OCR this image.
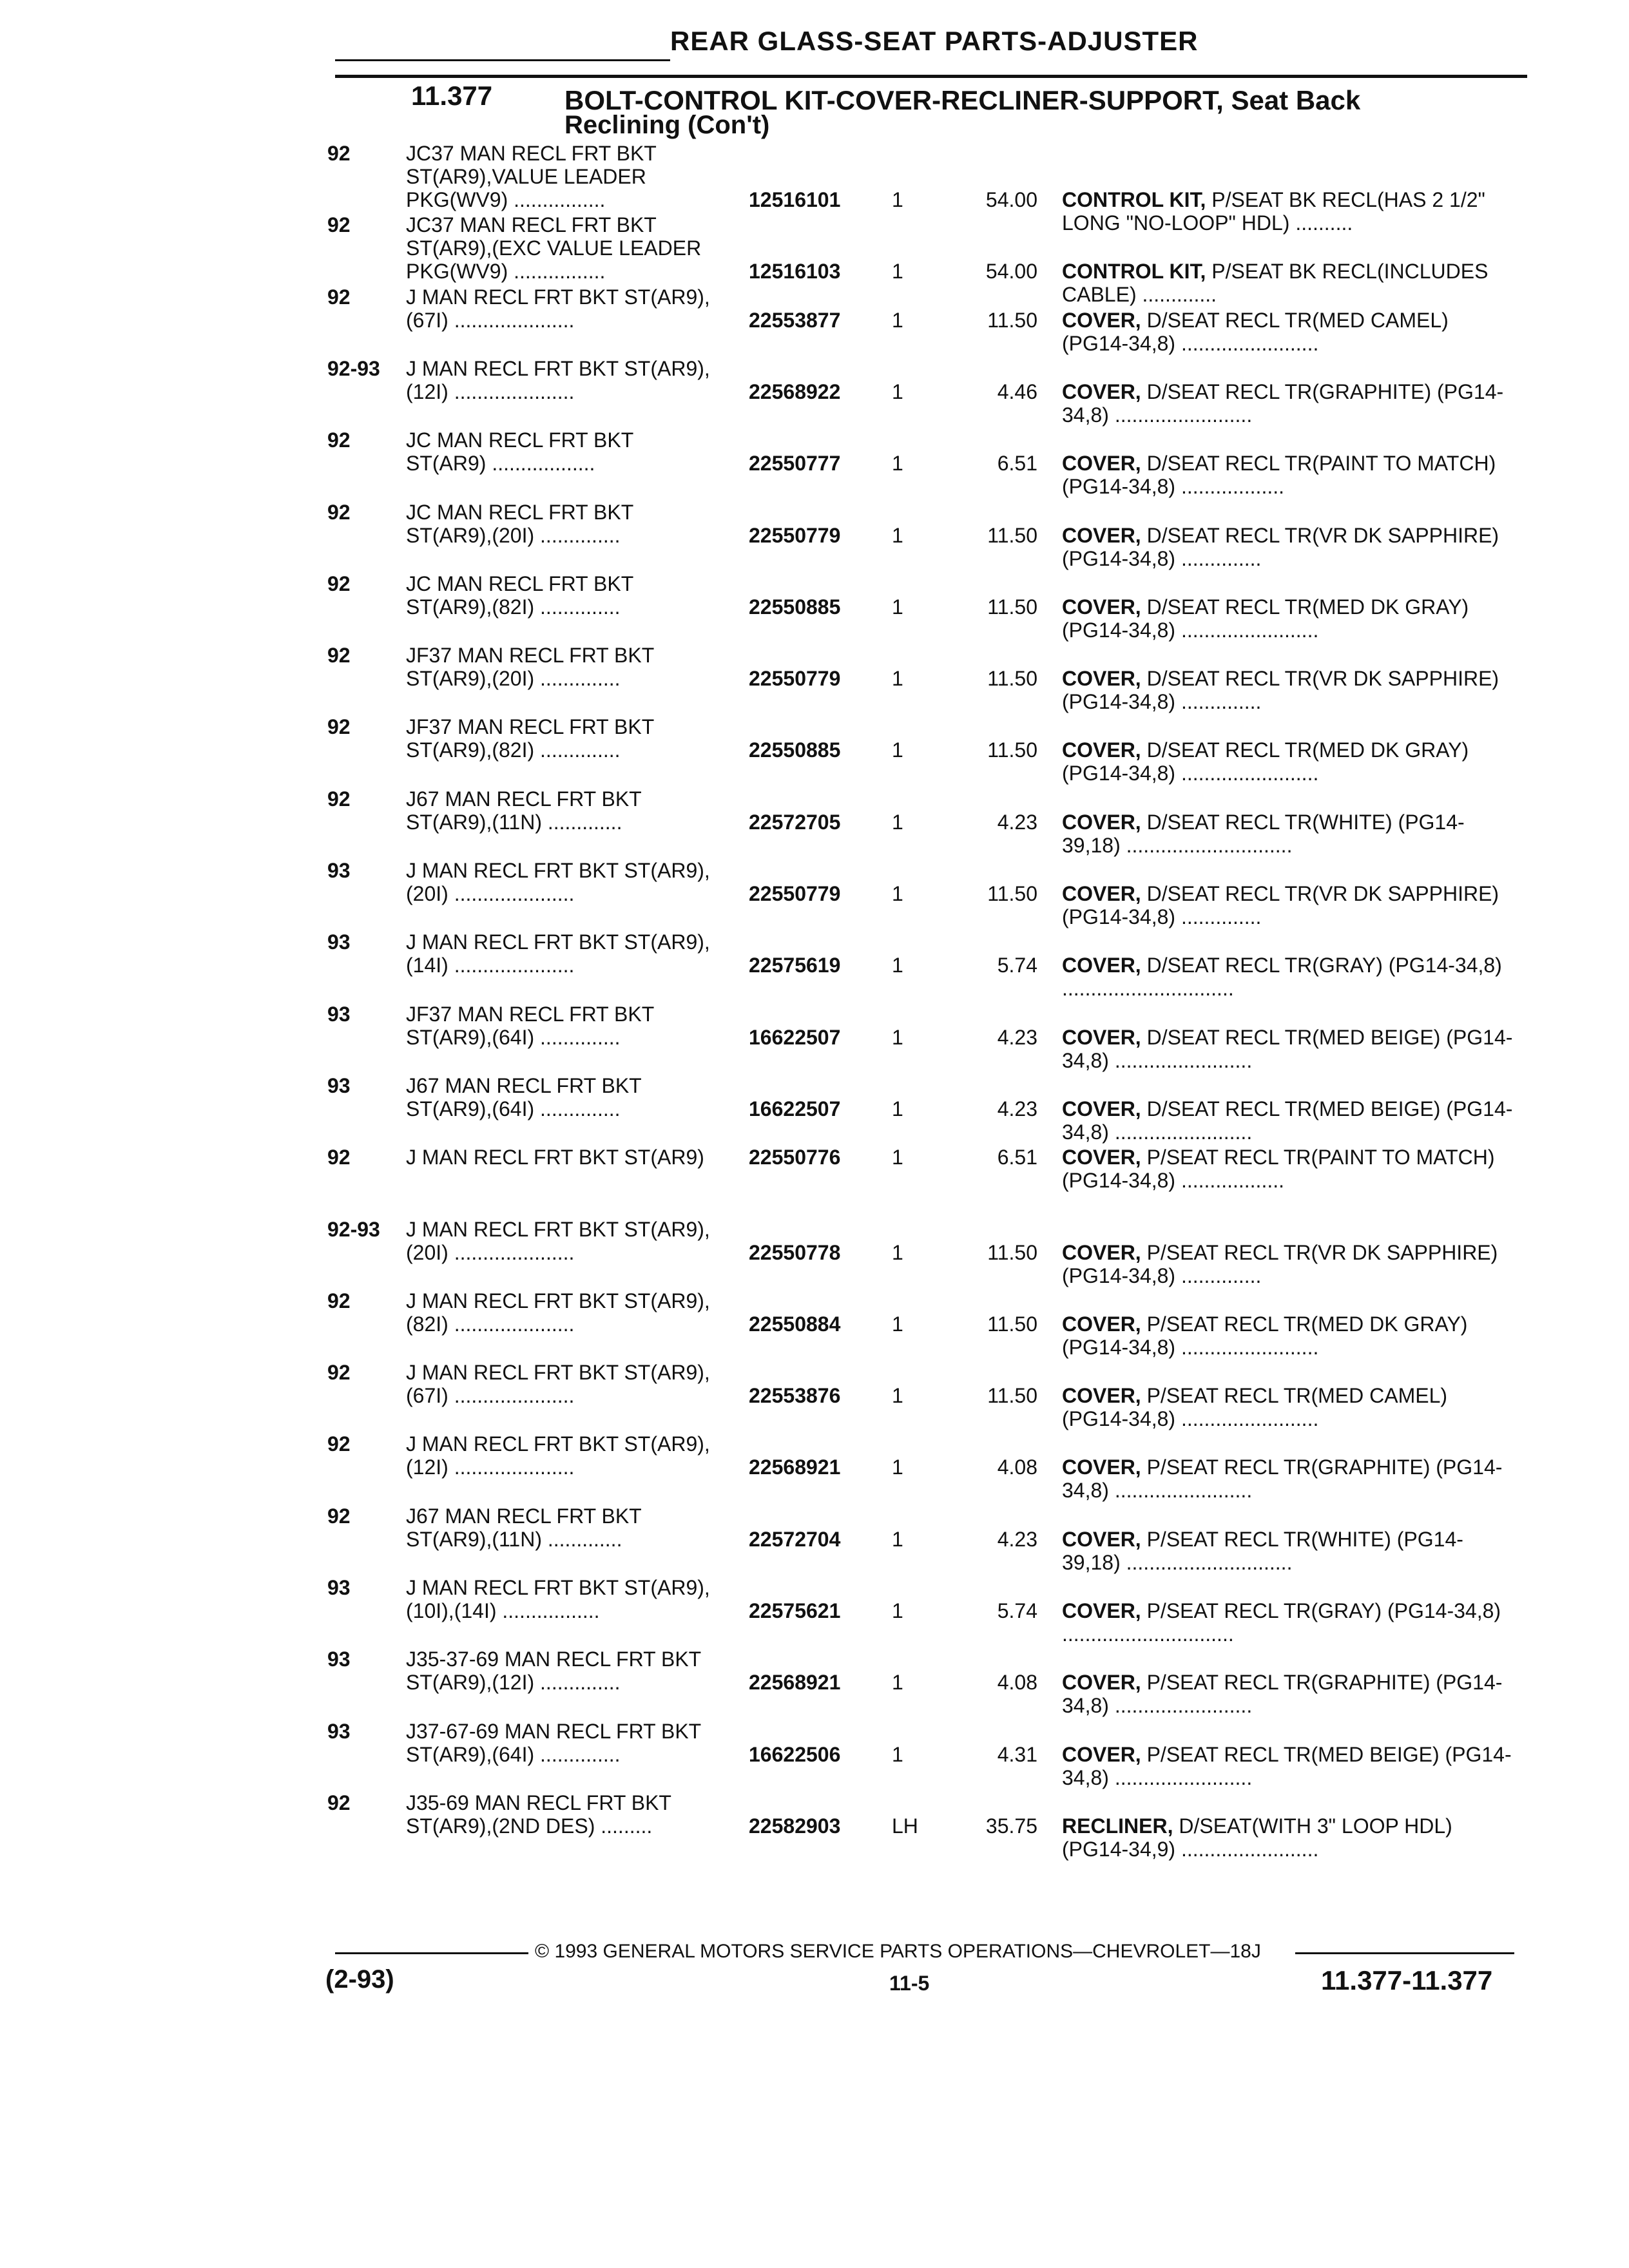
REAR GLASS-SEAT PARTS-ADJUSTER
11.377	BOLT-CONTROL KIT-COVER-RECLINER-SUPPORT, Seat Back
Reclining (Con't)
92	JC37 MAN RECL FRT BKT
ST(AR9),VALUE LEADER
PKG(WV9) ................	12516101 1	54.00 CONTROL KIT, P/SEAT BK RECL(HAS 2 1/2" LONG "NO-LOOP" HDL) ..........
92	JC37 MAN RECL FRT BKT
ST(AR9),(EXC VALUE LEADER
PKG(WV9) ................	12516103 1	54.00 CONTROL KIT, P/SEAT BK RECL(INCLUDES CABLE) .............
92	J MAN RECL FRT BKT ST(AR9),
(67I) .....................	22553877 1	11.50 COVER, D/SEAT RECL TR(MED CAMEL) (PG14-34,8) ........................
92-93 J MAN RECL FRT BKT ST(AR9),
(12I) .....................	22568922 1	4.46 COVER, D/SEAT RECL TR(GRAPHITE) (PG14-34,8) ........................
92	JC MAN RECL FRT BKT
ST(AR9) ..................	22550777 1	6.51 COVER, D/SEAT RECL TR(PAINT TO MATCH) (PG14-34,8) ..................
92	JC MAN RECL FRT BKT
ST(AR9),(20I) ..............	22550779 1	11.50 COVER, D/SEAT RECL TR(VR DK SAPPHIRE) (PG14-34,8) ..............
92	JC MAN RECL FRT BKT
ST(AR9),(82I) ..............	22550885 1	11.50 COVER, D/SEAT RECL TR(MED DK GRAY) (PG14-34,8) ........................
92	JF37 MAN RECL FRT BKT
ST(AR9),(20I) ..............	22550779 1	11.50 COVER, D/SEAT RECL TR(VR DK SAPPHIRE) (PG14-34,8) ..............
92	JF37 MAN RECL FRT BKT
ST(AR9),(82I) ..............	22550885 1	11.50 COVER, D/SEAT RECL TR(MED DK GRAY) (PG14-34,8) ........................
92	J67 MAN RECL FRT BKT
ST(AR9),(11N) .............	22572705 1	4.23 COVER, D/SEAT RECL TR(WHITE) (PG14-39,18) .............................
93	J MAN RECL FRT BKT ST(AR9),
(20I) .....................	22550779 1	11.50 COVER, D/SEAT RECL TR(VR DK SAPPHIRE) (PG14-34,8) ..............
93	J MAN RECL FRT BKT ST(AR9),
(14I) .....................	22575619 1	5.74 COVER, D/SEAT RECL TR(GRAY) (PG14-34,8) ..............................
93	JF37 MAN RECL FRT BKT
ST(AR9),(64I) ..............	16622507 1	4.23 COVER, D/SEAT RECL TR(MED BEIGE) (PG14-34,8) ........................
93	J67 MAN RECL FRT BKT
ST(AR9),(64I) ..............	16622507 1	4.23 COVER, D/SEAT RECL TR(MED BEIGE) (PG14-34,8) ........................
92	J MAN RECL FRT BKT ST(AR9)	22550776 1	6.51 COVER, P/SEAT RECL TR(PAINT TO MATCH) (PG14-34,8) ..................
92-93 J MAN RECL FRT BKT ST(AR9),
(20I) .....................	22550778 1	11.50 COVER, P/SEAT RECL TR(VR DK SAPPHIRE) (PG14-34,8) ..............
92	J MAN RECL FRT BKT ST(AR9),
(82I) .....................	22550884 1	11.50 COVER, P/SEAT RECL TR(MED DK GRAY) (PG14-34,8) ........................
92	J MAN RECL FRT BKT ST(AR9),
(67I) .....................	22553876 1	11.50 COVER, P/SEAT RECL TR(MED CAMEL) (PG14-34,8) ........................
92	J MAN RECL FRT BKT ST(AR9),
(12I) .....................	22568921 1	4.08 COVER, P/SEAT RECL TR(GRAPHITE) (PG14-34,8) ........................
92	J67 MAN RECL FRT BKT
ST(AR9),(11N) .............	22572704 1	4.23 COVER, P/SEAT RECL TR(WHITE) (PG14-39,18) .............................
93	J MAN RECL FRT BKT ST(AR9),
(10I),(14I) .................	22575621 1	5.74 COVER, P/SEAT RECL TR(GRAY) (PG14-34,8) ..............................
93	J35-37-69 MAN RECL FRT BKT
ST(AR9),(12I) ..............	22568921 1	4.08 COVER, P/SEAT RECL TR(GRAPHITE) (PG14-34,8) ........................
93	J37-67-69 MAN RECL FRT BKT
ST(AR9),(64I) ..............	16622506 1	4.31 COVER, P/SEAT RECL TR(MED BEIGE) (PG14-34,8) ........................
92	J35-69 MAN RECL FRT BKT
ST(AR9),(2ND DES) .........	22582903 LH	35.75 RECLINER, D/SEAT(WITH 3" LOOP HDL) (PG14-34,9) ........................
© 1993 GENERAL MOTORS SERVICE PARTS OPERATIONS—CHEVROLET—18J
(2-93)	11-5	11.377-11.377
